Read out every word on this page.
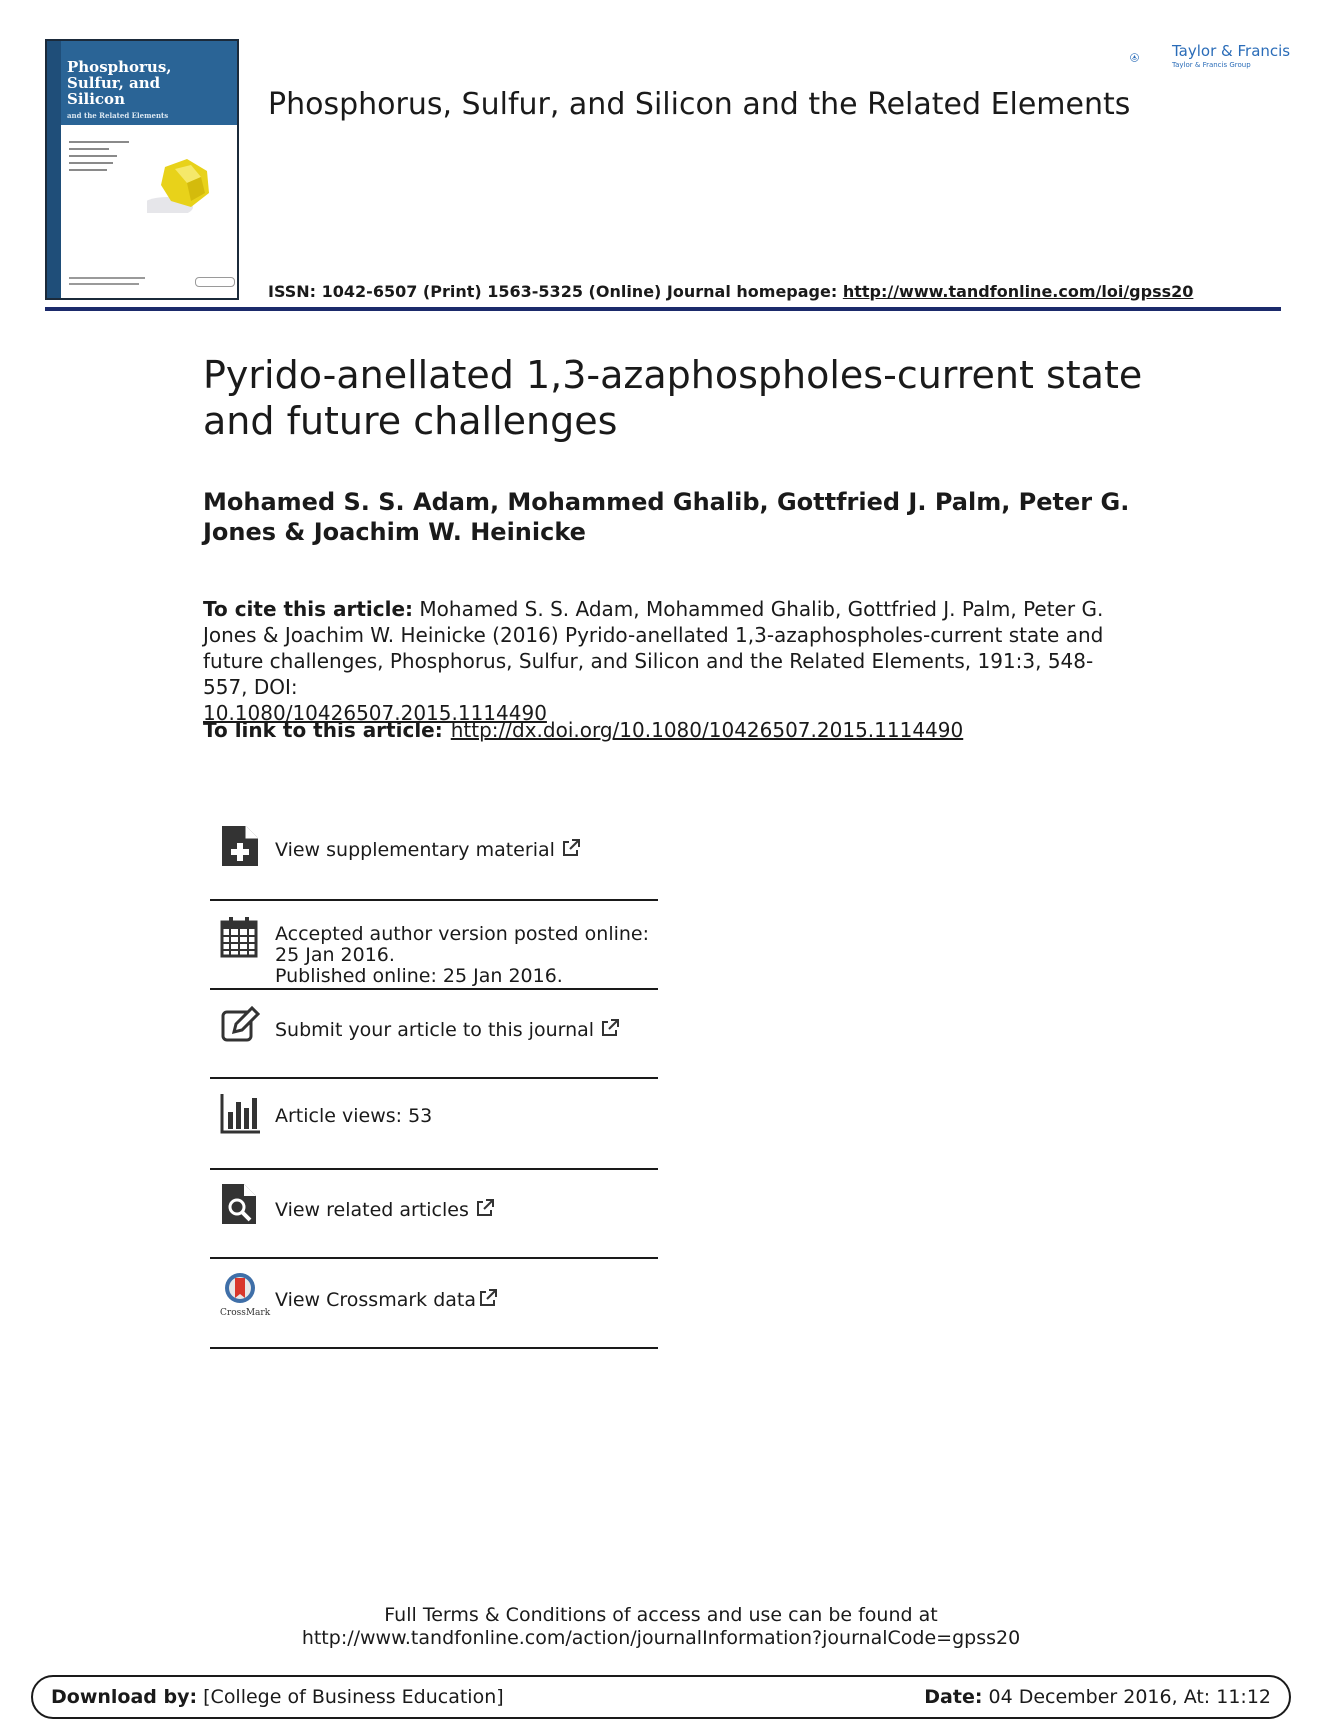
Phosphorus,
Sulfur, and
Silicon
and the Related Elements	Phosphorus, Sulfur, and Silicon and the Related Elements
Taylor & Francis
Taylor & Francis Group
ISSN: 1042-6507 (Print) 1563-5325 (Online) Journal homepage: http://www.tandfonline.com/loi/gpss20
Pyrido-anellated 1,3-azaphospholes-current state and future challenges
Mohamed S. S. Adam, Mohammed Ghalib, Gottfried J. Palm, Peter G. Jones & Joachim W. Heinicke
To cite this article: Mohamed S. S. Adam, Mohammed Ghalib, Gottfried J. Palm, Peter G. Jones & Joachim W. Heinicke (2016) Pyrido-anellated 1,3-azaphospholes-current state and future challenges, Phosphorus, Sulfur, and Silicon and the Related Elements, 191:3, 548-557, DOI:
10.1080/10426507.2015.1114490
To link to this article: http://dx.doi.org/10.1080/10426507.2015.1114490
View supplementary material
Accepted author version posted online: 25 Jan 2016.
Published online: 25 Jan 2016.
Submit your article to this journal
Article views: 53
View related articles
CrossMark
View Crossmark data
Full Terms & Conditions of access and use can be found at
http://www.tandfonline.com/action/journalInformation?journalCode=gpss20
Download by: [College of Business Education]	Date: 04 December 2016, At: 11:12
